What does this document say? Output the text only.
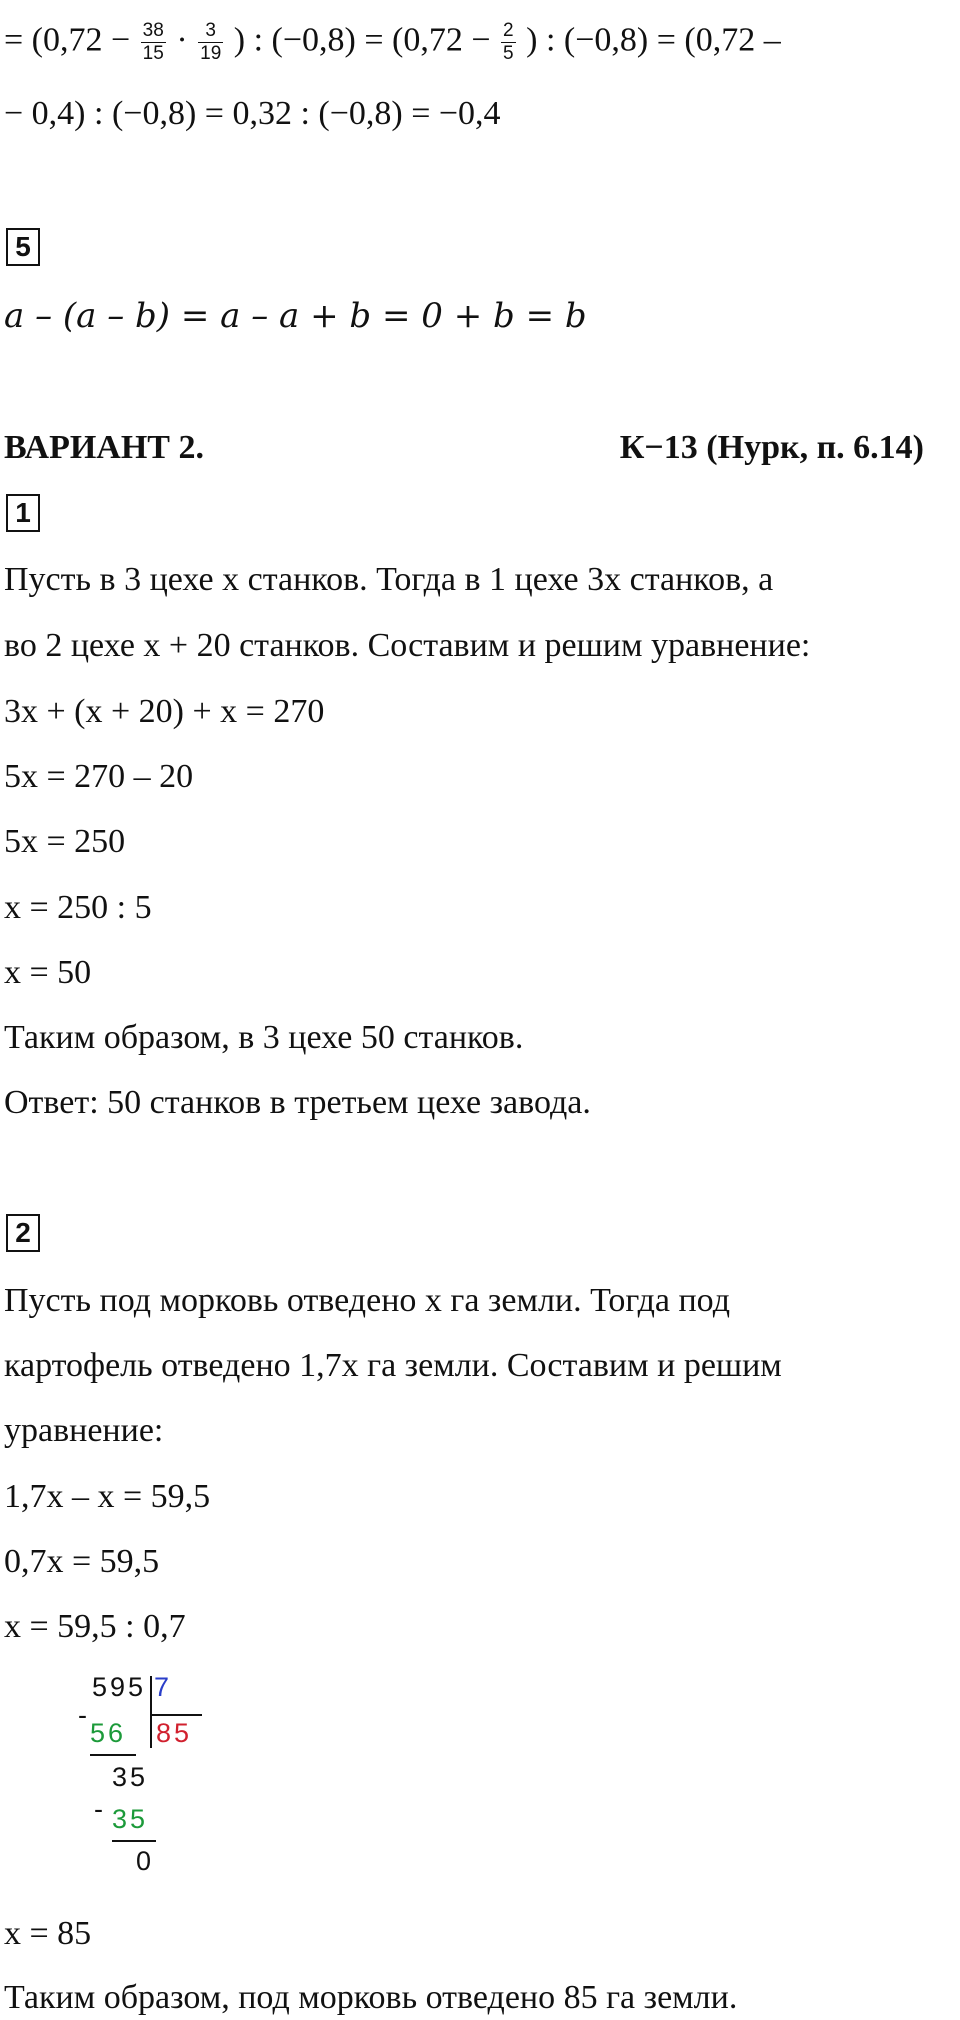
= ($0,72 - \frac{38}{15} \cdot \frac{3}{19}$ ) : $(-0,8) = (0,72 - \frac{2}{5}$ ) : (−0,8) = (0,72 –
− 0,4) : (−0,8) = 0,32 : (−0,8) = −0,4
5
a – (a – b) = a – a + b = 0 + b = b
ВАРИАНТ 2.	К−13 (Нурк, п. 6.14)
1
Пусть в 3 цехе x станков. Тогда в 1 цехе 3x станков, а
во 2 цехе x + 20 станков. Составим и решим уравнение:
3x + (x + 20) + x = 270
5x = 270 – 20
5x = 250
x = 250 : 5
x = 50
Таким образом, в 3 цехе 50 станков.
Ответ: 50 станков в третьем цехе завода.
2
Пусть под морковь отведено x га земли. Тогда под
картофель отведено 1,7x га земли. Составим и решим
уравнение:
1,7x – x = 59,5
0,7x = 59,5
x = 59,5 : 0,7
595 7
-
56 85
35
- 35
0
x = 85
Таким образом, под морковь отведено 85 га земли.
